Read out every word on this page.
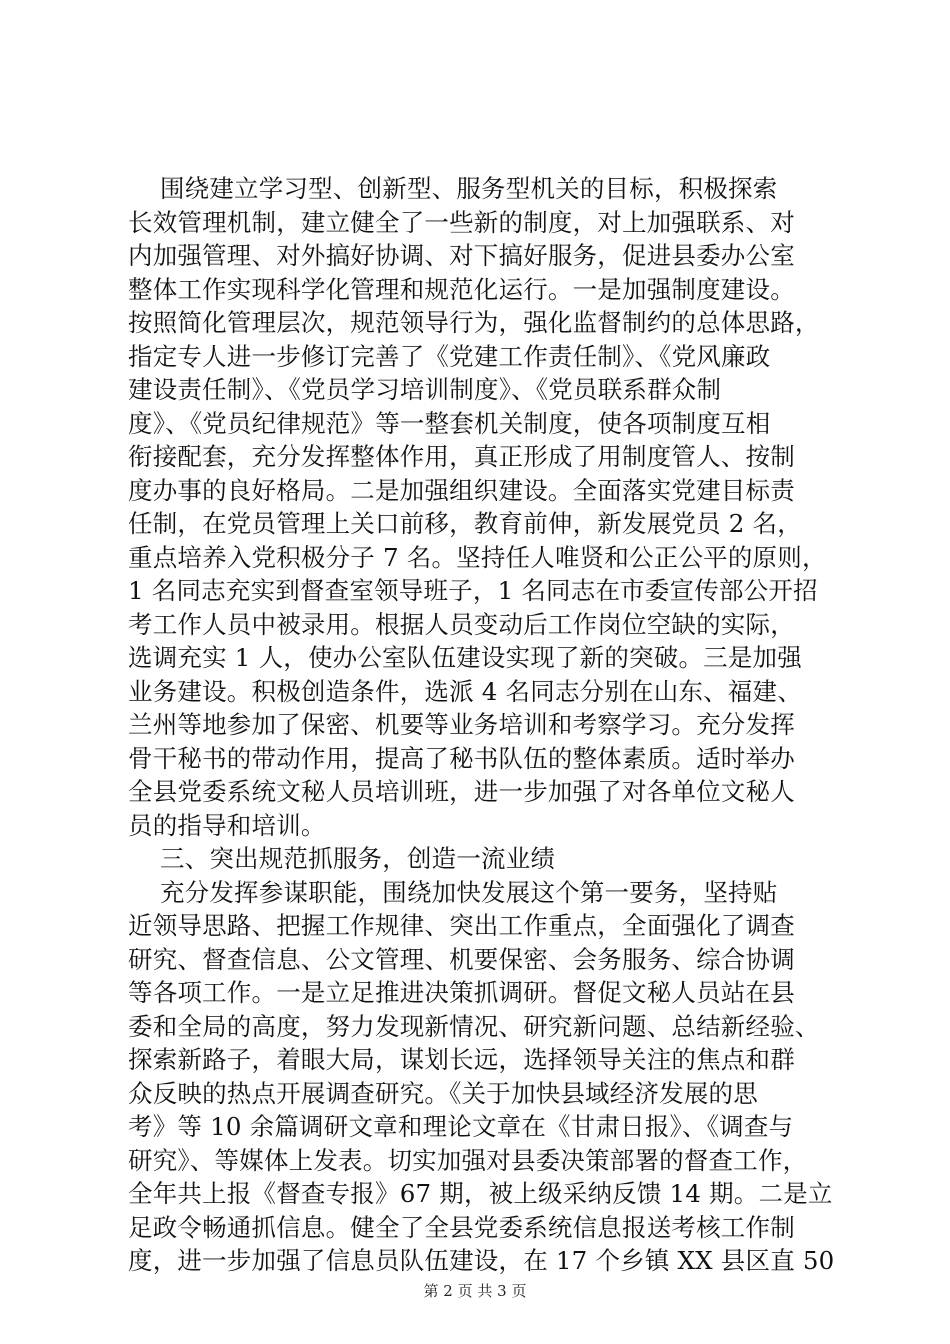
围绕建立学习型、创新型、服务型机关的目标，积极探索
长效管理机制，建立健全了一些新的制度，对上加强联系、对
内加强管理、对外搞好协调、对下搞好服务，促进县委办公室
整体工作实现科学化管理和规范化运行。一是加强制度建设。
按照简化管理层次，规范领导行为，强化监督制约的总体思路，
指定专人进一步修订完善了《党建工作责任制》、《党风廉政
建设责任制》、《党员学习培训制度》、《党员联系群众制
度》、《党员纪律规范》等一整套机关制度，使各项制度互相
衔接配套，充分发挥整体作用，真正形成了用制度管人、按制
度办事的良好格局。二是加强组织建设。全面落实党建目标责
任制，在党员管理上关口前移，教育前伸，新发展党员 2 名，
重点培养入党积极分子 7 名。坚持任人唯贤和公正公平的原则，
1 名同志充实到督查室领导班子，1 名同志在市委宣传部公开招
考工作人员中被录用。根据人员变动后工作岗位空缺的实际，
选调充实 1 人，使办公室队伍建设实现了新的突破。三是加强
业务建设。积极创造条件，选派 4 名同志分别在山东、福建、
兰州等地参加了保密、机要等业务培训和考察学习。充分发挥
骨干秘书的带动作用，提高了秘书队伍的整体素质。适时举办
全县党委系统文秘人员培训班，进一步加强了对各单位文秘人
员的指导和培训。
三、突出规范抓服务，创造一流业绩
充分发挥参谋职能，围绕加快发展这个第一要务，坚持贴
近领导思路、把握工作规律、突出工作重点，全面强化了调查
研究、督查信息、公文管理、机要保密、会务服务、综合协调
等各项工作。一是立足推进决策抓调研。督促文秘人员站在县
委和全局的高度，努力发现新情况、研究新问题、总结新经验、
探索新路子，着眼大局，谋划长远，选择领导关注的焦点和群
众反映的热点开展调查研究。《关于加快县域经济发展的思
考》等 10 余篇调研文章和理论文章在《甘肃日报》、《调查与
研究》、等媒体上发表。切实加强对县委决策部署的督查工作，
全年共上报《督查专报》67 期，被上级采纳反馈 14 期。二是立
足政令畅通抓信息。健全了全县党委系统信息报送考核工作制
度，进一步加强了信息员队伍建设，在 17 个乡镇 XX 县区直 50
第 2 页 共 3 页
